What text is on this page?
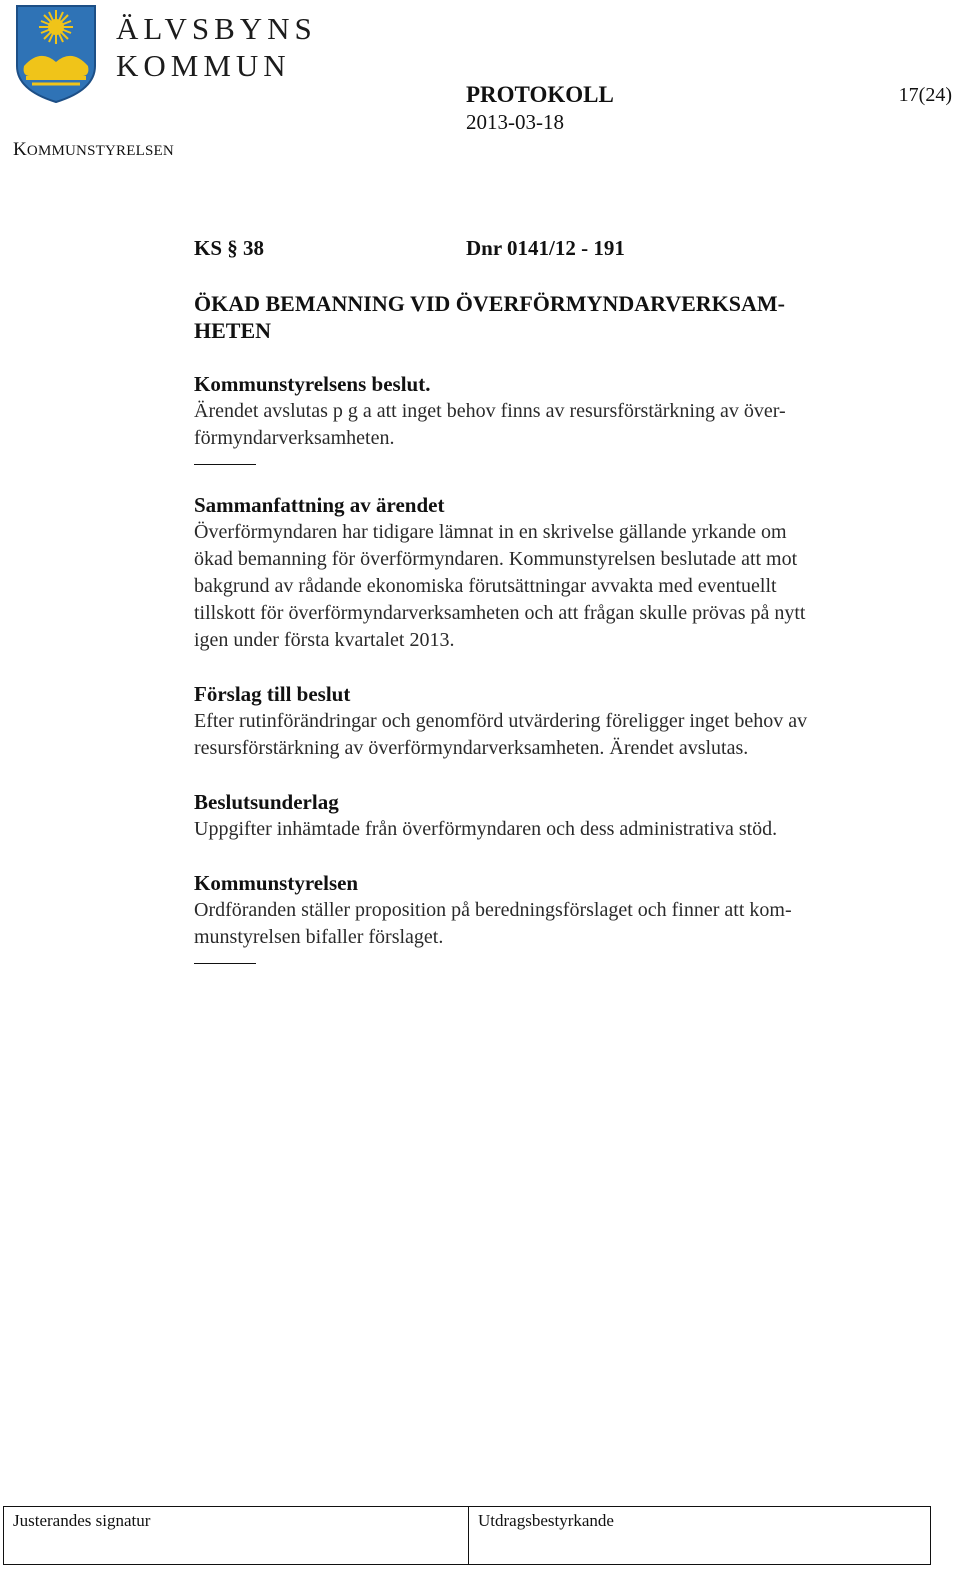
ÄLVSBYNS
KOMMUN
KOMMUNSTYRELSEN
PROTOKOLL
2013-03-18
17(24)
KS § 38	Dnr 0141/12 - 191
ÖKAD BEMANNING VID ÖVERFÖRMYNDARVERKSAM-
HETEN
Kommunstyrelsens beslut.
Ärendet avslutas p g a att inget behov finns av resursförstärkning av över-
förmyndarverksamheten.
Sammanfattning av ärendet
Överförmyndaren har tidigare lämnat in en skrivelse gällande yrkande om
ökad bemanning för överförmyndaren. Kommunstyrelsen beslutade att mot
bakgrund av rådande ekonomiska förutsättningar avvakta med eventuellt
tillskott för överförmyndarverksamheten och att frågan skulle prövas på nytt
igen under första kvartalet 2013.
Förslag till beslut
Efter rutinförändringar och genomförd utvärdering föreligger inget behov av
resursförstärkning av överförmyndarverksamheten. Ärendet avslutas.
Beslutsunderlag
Uppgifter inhämtade från överförmyndaren och dess administrativa stöd.
Kommunstyrelsen
Ordföranden ställer proposition på beredningsförslaget och finner att kom-
munstyrelsen bifaller förslaget.
Justerandes signatur	Utdragsbestyrkande
